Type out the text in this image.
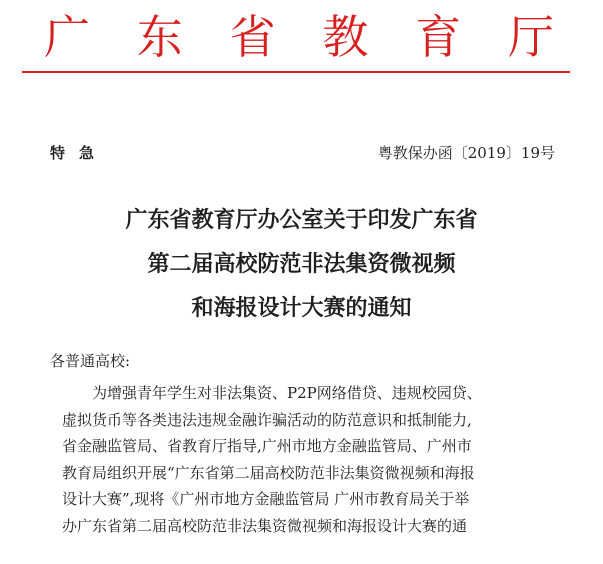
广 东 省 教 育 厅
特急	粤教保办函〔2019〕19号
广东省教育厅办公室关于印发广东省
第二届高校防范非法集资微视频
和海报设计大赛的通知
各普通高校:
为增强青年学生对非法集资、P2P网络借贷、违规校园贷、
虚拟货币等各类违法违规金融诈骗活动的防范意识和抵制能力,
省金融监管局、省教育厅指导,广州市地方金融监管局、广州市
教育局组织开展“广东省第二届高校防范非法集资微视频和海报
设计大赛”,现将《广州市地方金融监管局 广州市教育局关于举
办广东省第二届高校防范非法集资微视频和海报设计大赛的通
